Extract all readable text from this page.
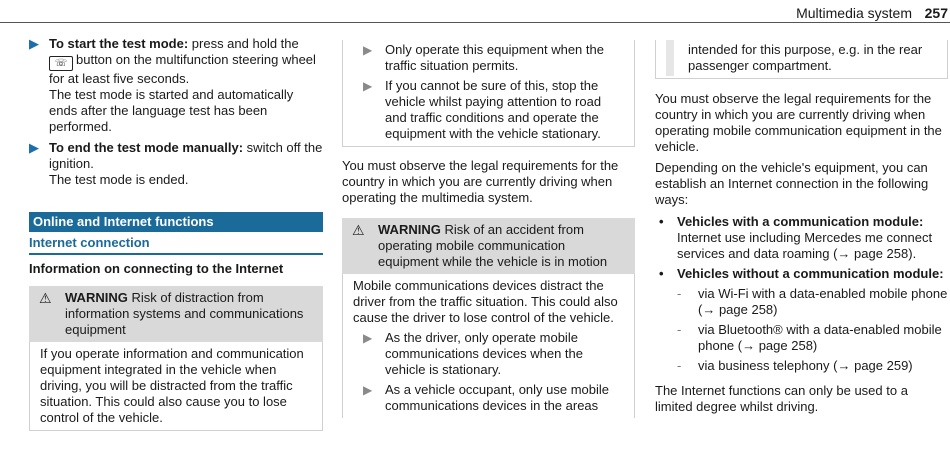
Multimedia system 257
▶ To start the test mode: press and hold the
☏ button on the multifunction steering wheel for at least five seconds.

The test mode is started and automatically ends after the language test has been performed.

▶ To end the test mode manually: switch off the ignition.

The test mode is ended.

Online and Internet functions
Internet connection

Information on connecting to the Internet

⚠ WARNING Risk of distraction from information systems and communications equipment
If you operate information and communication equipment integrated in the vehicle when driving, you will be distracted from the traffic situation. This could also cause you to lose control of the vehicle.
▶ Only operate this equipment when the traffic situation permits.

▶ If you cannot be sure of this, stop the vehicle whilst paying attention to road and traffic conditions and operate the equipment with the vehicle stationary.

You must observe the legal requirements for the country in which you are currently driving when operating the multimedia system.

⚠ WARNING Risk of an accident from operating mobile communication equipment while the vehicle is in motion

Mobile communications devices distract the driver from the traffic situation. This could also cause the driver to lose control of the vehicle.

▶ As the driver, only operate mobile communications devices when the vehicle is stationary.

▶ As a vehicle occupant, only use mobile communications devices in the areas

intended for this purpose, e.g. in the rear passenger compartment.

You must observe the legal requirements for the country in which you are currently driving when operating mobile communication equipment in the vehicle.

Depending on the vehicle's equipment, you can establish an Internet connection in the following ways:

• Vehicles with a communication module:
Internet use including Mercedes me connect services and data roaming (→ page 258).

• Vehicles without a communication module:

- via Wi-Fi with a data-enabled mobile phone (→ page 258)

- via Bluetooth® with a data-enabled mobile phone (→ page 258)

- via business telephony (→ page 259)

The Internet functions can only be used to a limited degree whilst driving.
